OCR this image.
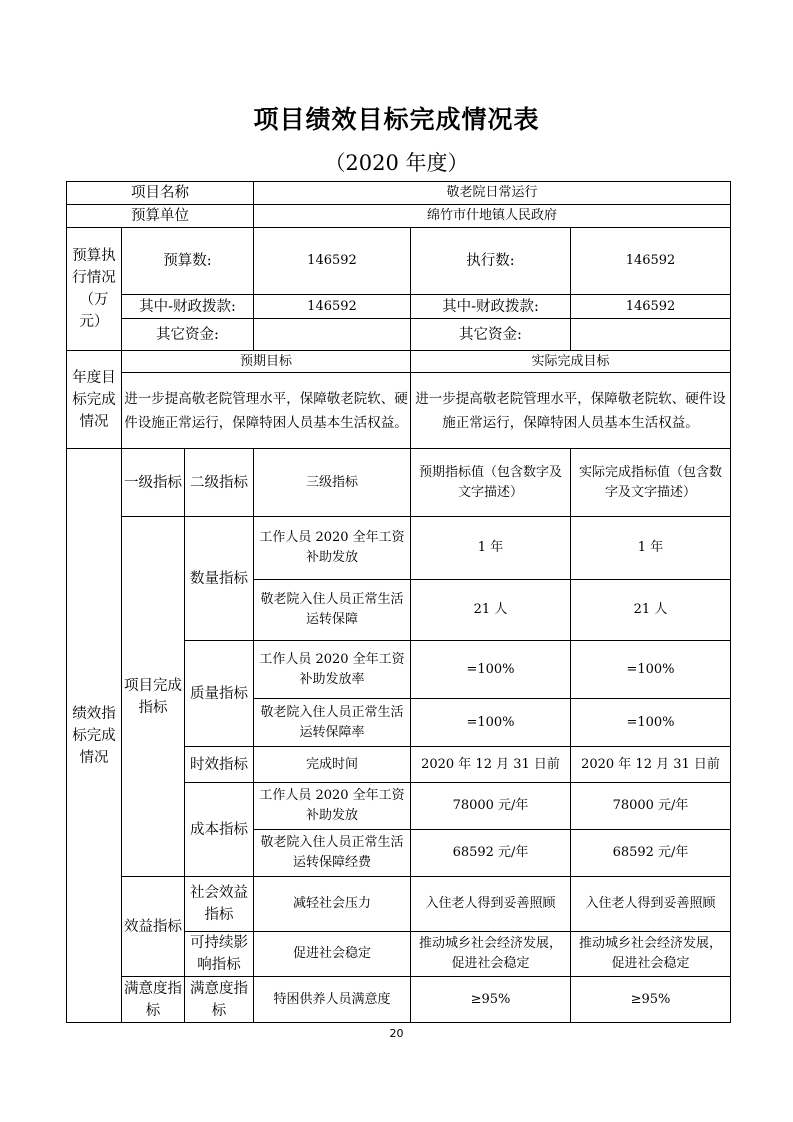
项目绩效目标完成情况表
（2020 年度）
项目名称			敬老院日常运行		
预算单位			绵竹市什地镇人民政府		
预算执行情况（万元）	预算数:		146592	执行数:	146592
	其中-财政拨款:		146592	其中-财政拨款:	146592
	其它资金:			其它资金:	
年度目标完成情况	预期目标			实际完成目标	
	进一步提高敬老院管理水平，保障敬老院软、硬件设施正常运行，保障特困人员基本生活权益。			进一步提高敬老院管理水平，保障敬老院软、硬件设施正常运行，保障特困人员基本生活权益。	
绩效指标完成情况	一级指标	二级指标	三级指标	预期指标值（包含数字及文字描述）	实际完成指标值（包含数字及文字描述）
	项目完成指标	数量指标	工作人员 2020 全年工资补助发放	1 年	1 年
			敬老院入住人员正常生活运转保障	21 人	21 人
		质量指标	工作人员 2020 全年工资补助发放率	=100%	=100%
			敬老院入住人员正常生活运转保障率	=100%	=100%
		时效指标	完成时间	2020 年 12 月 31 日前	2020 年 12 月 31 日前
		成本指标	工作人员 2020 全年工资补助发放	78000 元/年	78000 元/年
			敬老院入住人员正常生活运转保障经费	68592 元/年	68592 元/年
	效益指标	社会效益指标	减轻社会压力	入住老人得到妥善照顾	入住老人得到妥善照顾
		可持续影响指标	促进社会稳定	推动城乡社会经济发展，促进社会稳定	推动城乡社会经济发展，促进社会稳定
	满意度指标	满意度指标	特困供养人员满意度	≥95%	≥95%
20
